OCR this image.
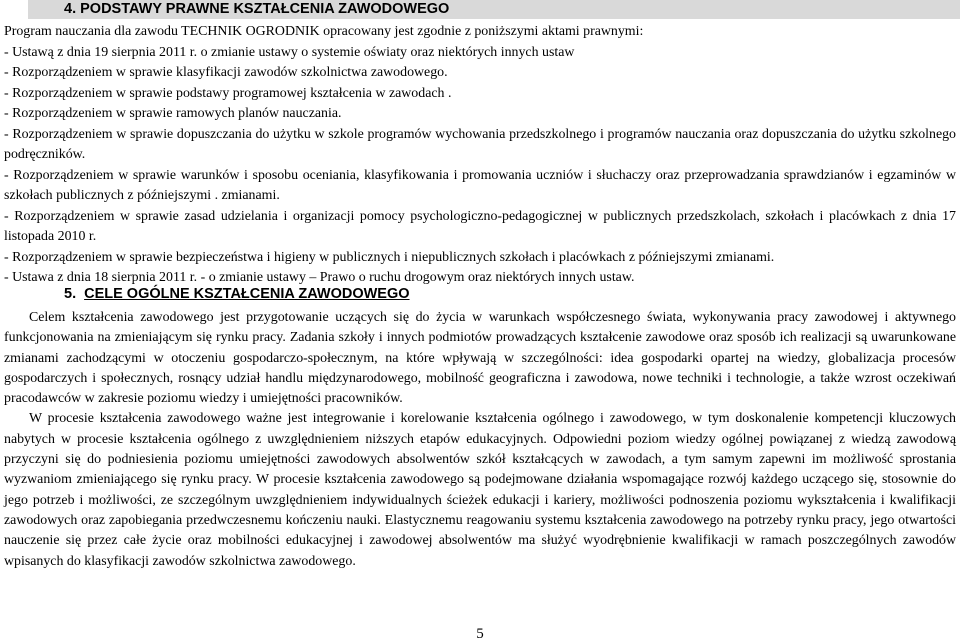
4. PODSTAWY PRAWNE KSZTAŁCENIA ZAWODOWEGO

Program nauczania dla zawodu TECHNIK OGRODNIK opracowany jest zgodnie z poniższymi aktami prawnymi:

- Ustawą z dnia 19 sierpnia 2011 r. o zmianie ustawy o systemie oświaty oraz niektórych innych ustaw

- Rozporządzeniem w sprawie klasyfikacji zawodów szkolnictwa zawodowego.

- Rozporządzeniem w sprawie podstawy programowej kształcenia w zawodach .

- Rozporządzeniem w sprawie ramowych planów nauczania.

- Rozporządzeniem w sprawie dopuszczania do użytku w szkole programów wychowania przedszkolnego i programów nauczania oraz dopuszczania do użytku szkolnego podręczników.

- Rozporządzeniem w sprawie warunków i sposobu oceniania, klasyfikowania i promowania uczniów i słuchaczy oraz przeprowadzania sprawdzianów i egzaminów w szkołach publicznych z późniejszymi . zmianami.

- Rozporządzeniem w sprawie zasad udzielania i organizacji pomocy psychologiczno-pedagogicznej w publicznych przedszkolach, szkołach i placówkach z dnia 17 listopada 2010 r.

- Rozporządzeniem w sprawie bezpieczeństwa i higieny w publicznych i niepublicznych szkołach i placówkach z późniejszymi zmianami.

- Ustawa z dnia 18 sierpnia 2011 r. - o zmianie ustawy – Prawo o ruchu drogowym oraz niektórych innych ustaw.

5. CELE OGÓLNE KSZTAŁCENIA ZAWODOWEGO

Celem kształcenia zawodowego jest przygotowanie uczących się do życia w warunkach współczesnego świata, wykonywania pracy zawodowej i aktywnego funkcjonowania na zmieniającym się rynku pracy. Zadania szkoły i innych podmiotów prowadzących kształcenie zawodowe oraz sposób ich realizacji są uwarunkowane zmianami zachodzącymi w otoczeniu gospodarczo-społecznym, na które wpływają w szczególności: idea gospodarki opartej na wiedzy, globalizacja procesów gospodarczych i społecznych, rosnący udział handlu międzynarodowego, mobilność geograficzna i zawodowa, nowe techniki i technologie, a także wzrost oczekiwań pracodawców w zakresie poziomu wiedzy i umiejętności pracowników.

W procesie kształcenia zawodowego ważne jest integrowanie i korelowanie kształcenia ogólnego i zawodowego, w tym doskonalenie kompetencji kluczowych nabytych w procesie kształcenia ogólnego z uwzględnieniem niższych etapów edukacyjnych. Odpowiedni poziom wiedzy ogólnej powiązanej z wiedzą zawodową przyczyni się do podniesienia poziomu umiejętności zawodowych absolwentów szkół kształcących w zawodach, a tym samym zapewni im możliwość sprostania wyzwaniom zmieniającego się rynku pracy. W procesie kształcenia zawodowego są podejmowane działania wspomagające rozwój każdego uczącego się, stosownie do jego potrzeb i możliwości, ze szczególnym uwzględnieniem indywidualnych ścieżek edukacji i kariery, możliwości podnoszenia poziomu wykształcenia i kwalifikacji zawodowych oraz zapobiegania przedwczesnemu kończeniu nauki. Elastycznemu reagowaniu systemu kształcenia zawodowego na potrzeby rynku pracy, jego otwartości nauczenie się przez całe życie oraz mobilności edukacyjnej i zawodowej absolwentów ma służyć wyodrębnienie kwalifikacji w ramach poszczególnych zawodów wpisanych do klasyfikacji zawodów szkolnictwa zawodowego.

5
